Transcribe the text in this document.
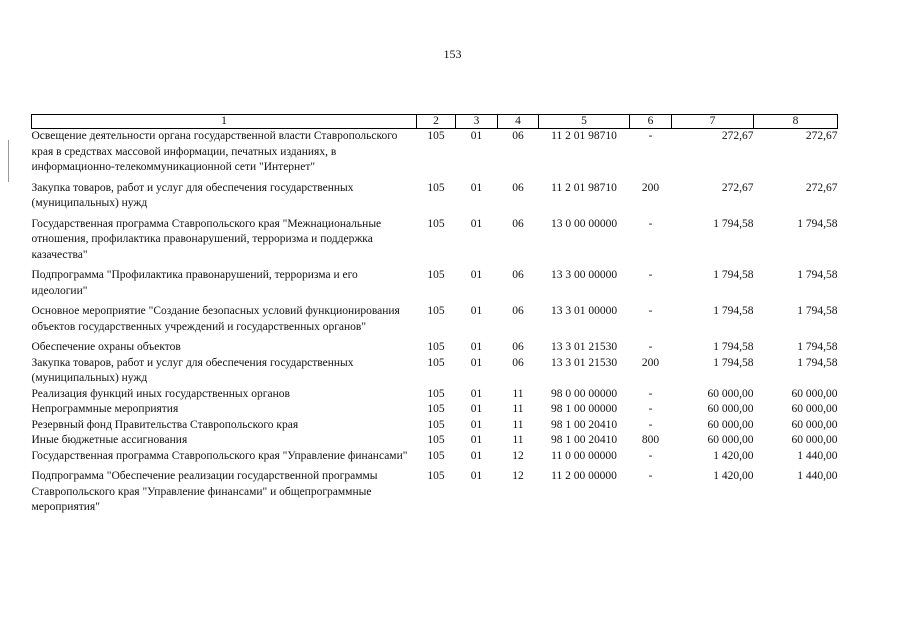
153
1	2	3	4	5	6	7	8
Освещение деятельности органа государственной власти Ставропольского края в средствах массовой информации, печатных изданиях, в информационно-телекоммуникационной сети "Интернет"	105	01	06	11 2 01 98710	-	272,67	272,67
Закупка товаров, работ и услуг для обеспечения государственных (муниципальных) нужд	105	01	06	11 2 01 98710	200	272,67	272,67
Государственная программа Ставропольского края "Межнациональные отношения, профилактика правонарушений, терроризма и поддержка казачества"	105	01	06	13 0 00 00000	-	1 794,58	1 794,58
Подпрограмма "Профилактика правонарушений, терроризма и его идеологии"	105	01	06	13 3 00 00000	-	1 794,58	1 794,58
Основное мероприятие "Создание безопасных условий функционирования объектов государственных учреждений и государственных органов"	105	01	06	13 3 01 00000	-	1 794,58	1 794,58
Обеспечение охраны объектов	105	01	06	13 3 01 21530	-	1 794,58	1 794,58
Закупка товаров, работ и услуг для обеспечения государственных (муниципальных) нужд	105	01	06	13 3 01 21530	200	1 794,58	1 794,58
Реализация функций иных государственных органов	105	01	11	98 0 00 00000	-	60 000,00	60 000,00
Непрограммные мероприятия	105	01	11	98 1 00 00000	-	60 000,00	60 000,00
Резервный фонд Правительства Ставропольского края	105	01	11	98 1 00 20410	-	60 000,00	60 000,00
Иные бюджетные ассигнования	105	01	11	98 1 00 20410	800	60 000,00	60 000,00
Государственная программа Ставропольского края "Управление финансами"	105	01	12	11 0 00 00000	-	1 420,00	1 440,00
Подпрограмма "Обеспечение реализации государственной программы Ставропольского края "Управление финансами" и общепрограммные мероприятия"	105	01	12	11 2 00 00000	-	1 420,00	1 440,00
